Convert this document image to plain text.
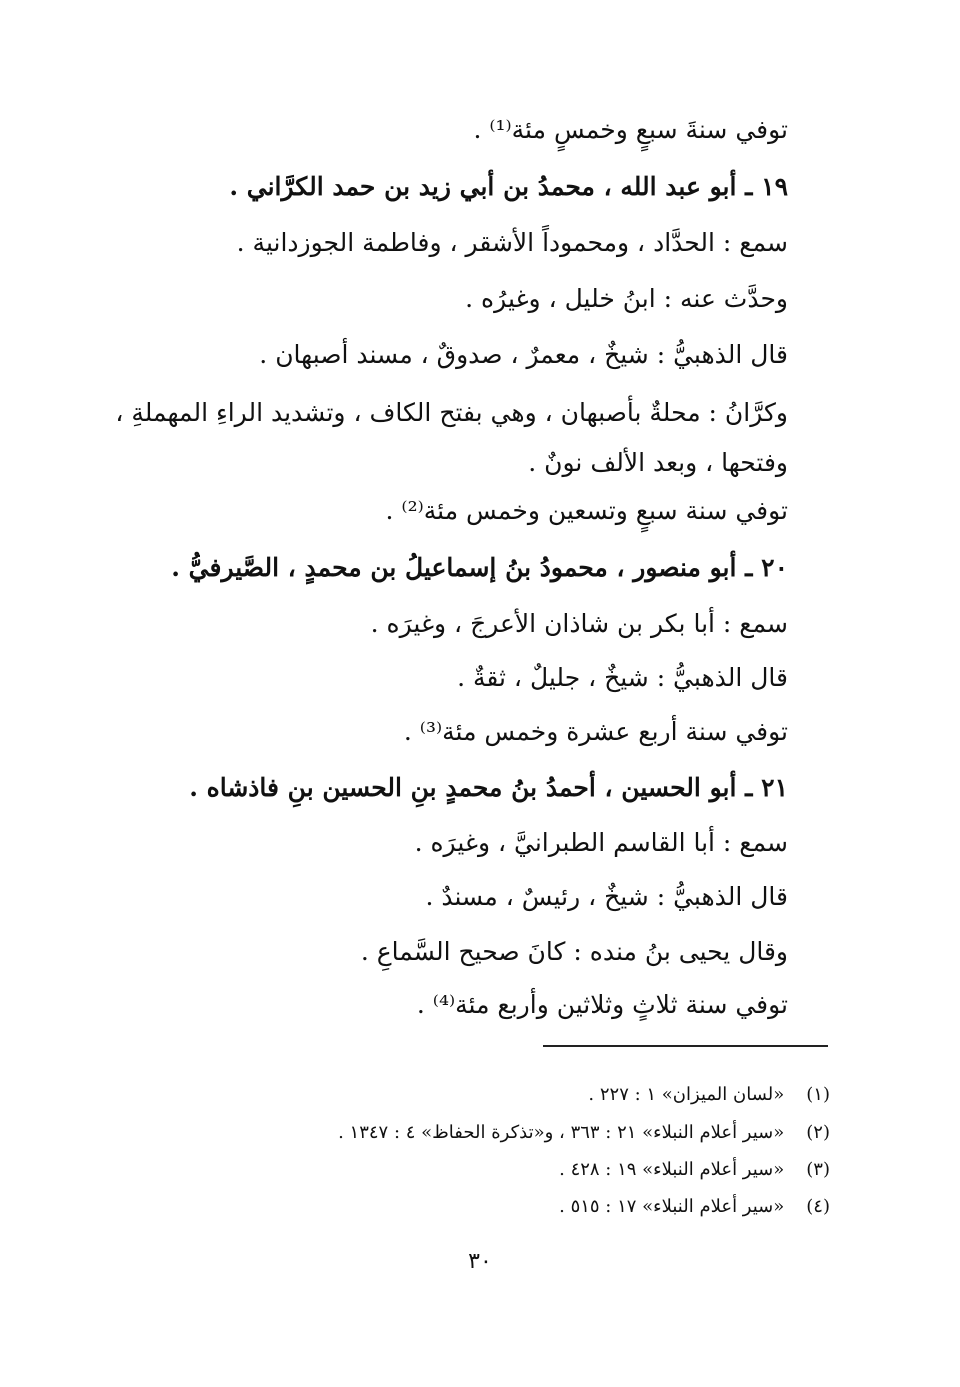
توفي سنةَ سبعٍ وخمسٍ مئة⁽¹⁾ .
١٩ ـ أبو عبد الله ، محمدُ بن أبي زيد بن حمد الكرَّاني .
سمع : الحدَّاد ، ومحموداً الأشقر ، وفاطمة الجوزدانية .
وحدَّث عنه : ابنُ خليل ، وغيرُه .
قال الذهبيُّ : شيخٌ ، معمرٌ ، صدوقٌ ، مسند أصبهان .
وكرَّانُ : محلةٌ بأصبهان ، وهي بفتح الكاف ، وتشديد الراءِ المهملةِ ، وفتحها ، وبعد الألف نونٌ .
توفي سنة سبعٍ وتسعين وخمس مئة⁽²⁾ .
٢٠ ـ أبو منصور ، محمودُ بنُ إسماعيلُ بن محمدٍ ، الصَّيرفيُّ .
سمع : أبا بكر بن شاذان الأعرجَ ، وغيرَه .
قال الذهبيُّ : شيخٌ ، جليلٌ ، ثقةٌ .
توفي سنة أربع عشرة وخمس مئة⁽³⁾ .
٢١ ـ أبو الحسين ، أحمدُ بنُ محمدٍ بنِ الحسين بنِ فاذشاه .
سمع : أبا القاسم الطبرانيَّ ، وغيرَه .
قال الذهبيُّ : شيخٌ ، رئيسٌ ، مسندٌ .
وقال يحيى بنُ منده : كانَ صحيح السَّماعِ .
توفي سنة ثلاثٍ وثلاثين وأربع مئة⁽⁴⁾ .
(١) «لسان الميزان» ١ : ٢٢٧ .
(٢) «سير أعلام النبلاء» ٢١ : ٣٦٣ ، و«تذكرة الحفاظ» ٤ : ١٣٤٧ .
(٣) «سير أعلام النبلاء» ١٩ : ٤٢٨ .
(٤) «سير أعلام النبلاء» ١٧ : ٥١٥ .
٣٠
